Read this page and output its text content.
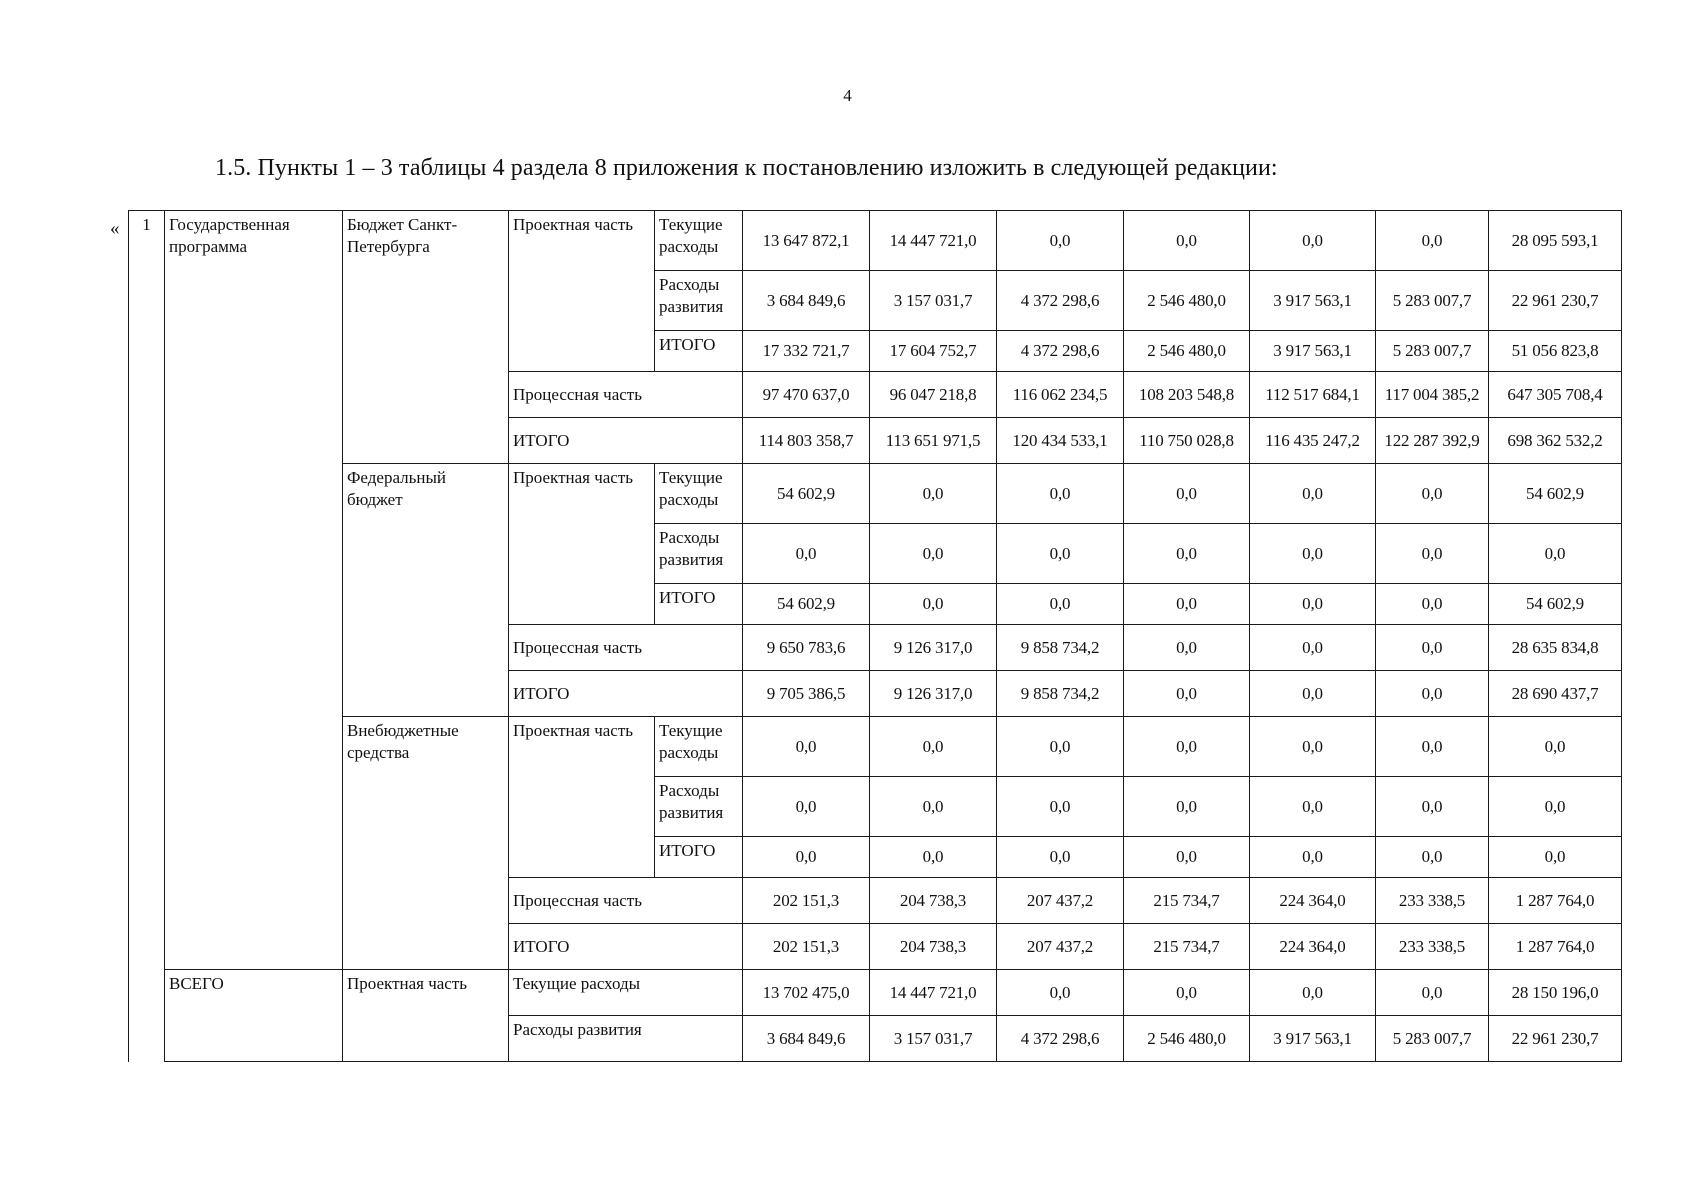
4
1.5. Пункты 1 – 3 таблицы 4 раздела 8 приложения к постановлению изложить в следующей редакции:
« 1	Государственная программа	Бюджет Санкт-Петербурга	Проектная часть	Текущие расходы	13 647 872,1	14 447 721,0	0,0	0,0	0,0	0,0	28 095 593,1
				Расходы развития	3 684 849,6	3 157 031,7	4 372 298,6	2 546 480,0	3 917 563,1	5 283 007,7	22 961 230,7
				ИТОГО	17 332 721,7	17 604 752,7	4 372 298,6	2 546 480,0	3 917 563,1	5 283 007,7	51 056 823,8
			Процессная часть		97 470 637,0	96 047 218,8	116 062 234,5	108 203 548,8	112 517 684,1	117 004 385,2	647 305 708,4
			ИТОГО		114 803 358,7	113 651 971,5	120 434 533,1	110 750 028,8	116 435 247,2	122 287 392,9	698 362 532,2
		Федеральный бюджет	Проектная часть	Текущие расходы	54 602,9	0,0	0,0	0,0	0,0	0,0	54 602,9
				Расходы развития	0,0	0,0	0,0	0,0	0,0	0,0	0,0
				ИТОГО	54 602,9	0,0	0,0	0,0	0,0	0,0	54 602,9
			Процессная часть		9 650 783,6	9 126 317,0	9 858 734,2	0,0	0,0	0,0	28 635 834,8
			ИТОГО		9 705 386,5	9 126 317,0	9 858 734,2	0,0	0,0	0,0	28 690 437,7
		Внебюджетные средства	Проектная часть	Текущие расходы	0,0	0,0	0,0	0,0	0,0	0,0	0,0
				Расходы развития	0,0	0,0	0,0	0,0	0,0	0,0	0,0
				ИТОГО	0,0	0,0	0,0	0,0	0,0	0,0	0,0
			Процессная часть		202 151,3	204 738,3	207 437,2	215 734,7	224 364,0	233 338,5	1 287 764,0
			ИТОГО		202 151,3	204 738,3	207 437,2	215 734,7	224 364,0	233 338,5	1 287 764,0
	ВСЕГО	Проектная часть	Текущие расходы		13 702 475,0	14 447 721,0	0,0	0,0	0,0	0,0	28 150 196,0
			Расходы развития		3 684 849,6	3 157 031,7	4 372 298,6	2 546 480,0	3 917 563,1	5 283 007,7	22 961 230,7
